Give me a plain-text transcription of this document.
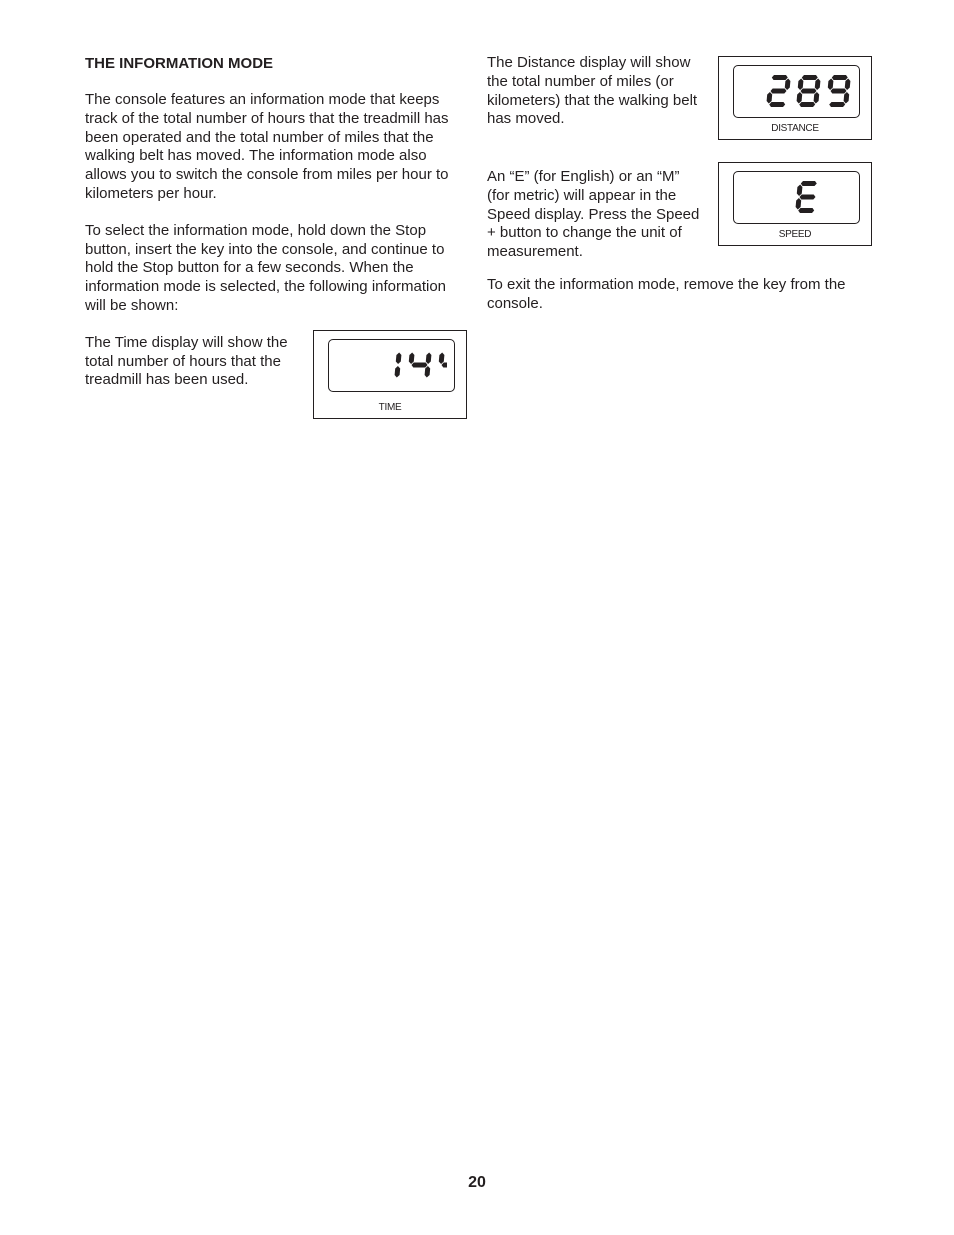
THE INFORMATION MODE

The console features an information mode that keeps track of the total number of hours that the treadmill has been operated and the total number of miles that the walking belt has moved. The information mode also allows you to switch the console from miles per hour to kilometers per hour.

To select the information mode, hold down the Stop button, insert the key into the console, and continue to hold the Stop button for a few seconds. When the information mode is selected, the following information will be shown:

The Time display will show the total number of hours that the treadmill has been used.

TIME

The Distance display will show the total number of miles (or kilometers) that the walking belt has moved.

DISTANCE

An “E” (for English) or an “M” (for metric) will appear in the Speed display. Press the Speed + button to change the unit of measurement.

SPEED

To exit the information mode, remove the key from the console.

20
